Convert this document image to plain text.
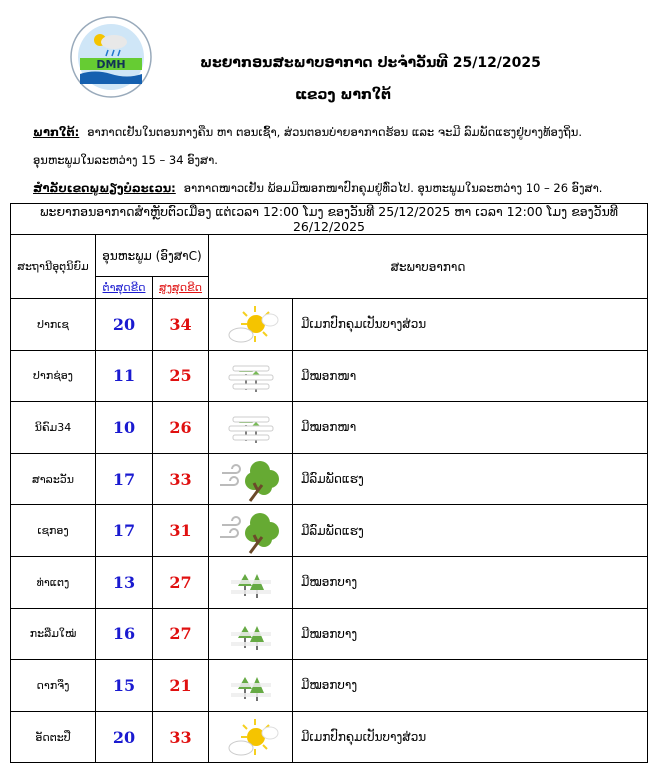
DMH	ພະຍາກອນສະພາບອາກາດ ປະຈຳວັນທີ 25/12/2025
ແຂວງ ພາກໃຕ້
ພາກໃຕ້: ອາກາດເຢັນໃນຕອນກາງຄືນ ຫາ ຕອນເຊົ້າ, ສ່ວນຕອນບ່າຍອາກາດຮ້ອນ ແລະ ຈະມີ ລົມພັດແຮງຢູ່ບາງທ້ອງຖິ່ນ.
ອຸນຫະພູມໃນລະຫວ່າງ 15 – 34 ອົງສາ.
ສຳລັບເຂດພູພຽງບໍລະເວນ: ອາກາດໜາວເຢັນ ພ້ອມມີໝອກໜາປົກຄຸມຢູ່ທົ່ວໄປ. ອຸນຫະພູມໃນລະຫວ່າງ 10 – 26 ອົງສາ.
ພະຍາກອນອາກາດສຳຫຼັບຕົວເມືອງ ແຕ່ເວລາ 12:00 ໂມງ ຂອງວັນທີ 25/12/2025 ຫາ ເວລາ 12:00 ໂມງ ຂອງວັນທີ 26/12/2025				
ສະຖານີອຸຕຸນິຍົມ	ອຸນຫະພູມ (ອົງສາC)		ສະພາບອາກາດ	
	ຕ່ຳສຸດຂີດ	ສູງສຸດຂີດ		
ປາກເຊ	20	34		ມີເມກປົກຄຸມເປັນບາງສ່ວນ
ປາກຊ່ອງ	11	25		ມີໝອກໜາ
ນິຄົມ34	10	26		ມີໝອກໜາ
ສາລະວັນ	17	33		ມີລົມພັດແຮງ
ເຊກອງ	17	31		ມີລົມພັດແຮງ
ທ່າແຕງ	13	27		ມີໝອກບາງ
ກະລືມໃໝ່	16	27		ມີໝອກບາງ
ດາກຈຶງ	15	21		ມີໝອກບາງ
ອັດຕະປື	20	33		ມີເມກປົກຄຸມເປັນບາງສ່ວນ
